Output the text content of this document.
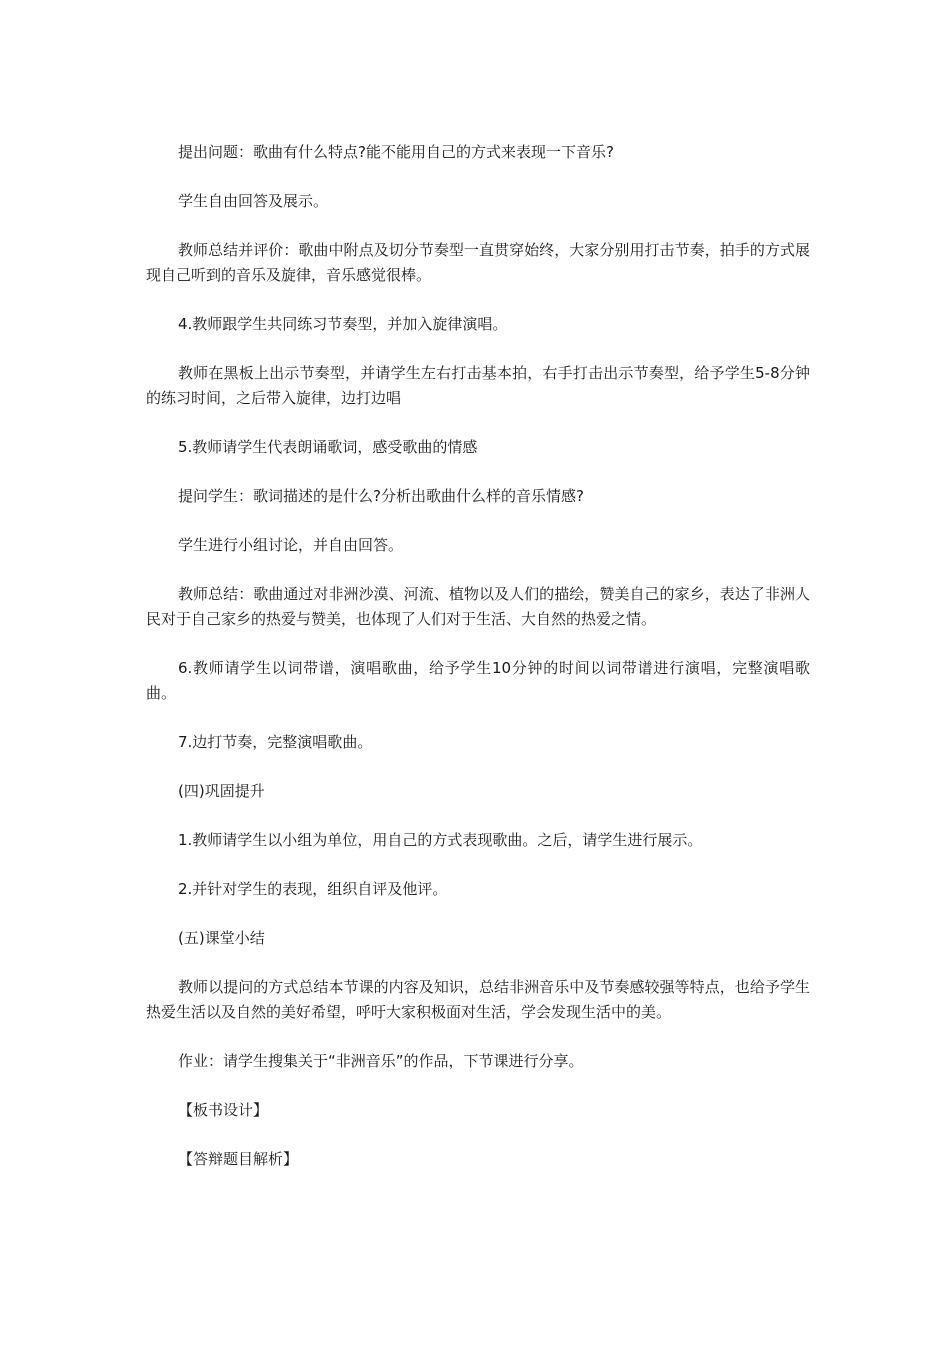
提出问题：歌曲有什么特点?能不能用自己的方式来表现一下音乐?

学生自由回答及展示。

教师总结并评价：歌曲中附点及切分节奏型一直贯穿始终，大家分别用打击节奏，拍手的方式展现自己听到的音乐及旋律，音乐感觉很棒。

4.教师跟学生共同练习节奏型，并加入旋律演唱。

教师在黑板上出示节奏型，并请学生左右打击基本拍，右手打击出示节奏型，给予学生5-8分钟的练习时间，之后带入旋律，边打边唱

5.教师请学生代表朗诵歌词，感受歌曲的情感

提问学生：歌词描述的是什么?分析出歌曲什么样的音乐情感?

学生进行小组讨论，并自由回答。

教师总结：歌曲通过对非洲沙漠、河流、植物以及人们的描绘，赞美自己的家乡，表达了非洲人民对于自己家乡的热爱与赞美，也体现了人们对于生活、大自然的热爱之情。

6.教师请学生以词带谱，演唱歌曲，给予学生10分钟的时间以词带谱进行演唱，完整演唱歌曲。

7.边打节奏，完整演唱歌曲。

(四)巩固提升

1.教师请学生以小组为单位，用自己的方式表现歌曲。之后，请学生进行展示。

2.并针对学生的表现，组织自评及他评。

(五)课堂小结

教师以提问的方式总结本节课的内容及知识，总结非洲音乐中及节奏感较强等特点，也给予学生热爱生活以及自然的美好希望，呼吁大家积极面对生活，学会发现生活中的美。

作业：请学生搜集关于“非洲音乐”的作品，下节课进行分享。

【板书设计】

【答辩题目解析】
